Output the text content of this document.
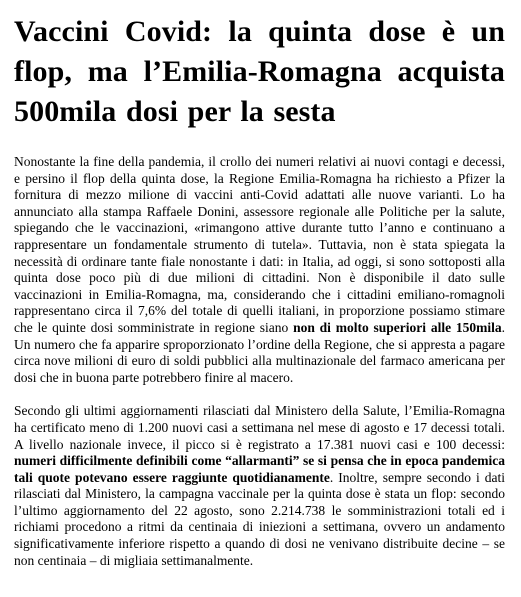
Vaccini Covid: la quinta dose è un flop, ma l’Emilia-Romagna acquista 500mila dosi per la sesta

Nonostante la fine della pandemia, il crollo dei numeri relativi ai nuovi contagi e decessi, e persino il flop della quinta dose, la Regione Emilia-Romagna ha richiesto a Pfizer la fornitura di mezzo milione di vaccini anti-Covid adattati alle nuove varianti. Lo ha annunciato alla stampa Raffaele Donini, assessore regionale alle Politiche per la salute, spiegando che le vaccinazioni, «rimangono attive durante tutto l’anno e continuano a rappresentare un fondamentale strumento di tutela». Tuttavia, non è stata spiegata la necessità di ordinare tante fiale nonostante i dati: in Italia, ad oggi, si sono sottoposti alla quinta dose poco più di due milioni di cittadini. Non è disponibile il dato sulle vaccinazioni in Emilia-Romagna, ma, considerando che i cittadini emiliano-romagnoli rappresentano circa il 7,6% del totale di quelli italiani, in proporzione possiamo stimare che le quinte dosi somministrate in regione siano non di molto superiori alle 150mila. Un numero che fa apparire sproporzionato l’ordine della Regione, che si appresta a pagare circa nove milioni di euro di soldi pubblici alla multinazionale del farmaco americana per dosi che in buona parte potrebbero finire al macero.

Secondo gli ultimi aggiornamenti rilasciati dal Ministero della Salute, l’Emilia-Romagna ha certificato meno di 1.200 nuovi casi a settimana nel mese di agosto e 17 decessi totali. A livello nazionale invece, il picco si è registrato a 17.381 nuovi casi e 100 decessi: numeri difficilmente definibili come “allarmanti” se si pensa che in epoca pandemica tali quote potevano essere raggiunte quotidianamente. Inoltre, sempre secondo i dati rilasciati dal Ministero, la campagna vaccinale per la quinta dose è stata un flop: secondo l’ultimo aggiornamento del 22 agosto, sono 2.214.738 le somministrazioni totali ed i richiami procedono a ritmi da centinaia di iniezioni a settimana, ovvero un andamento significativamente inferiore rispetto a quando di dosi ne venivano distribuite decine – se non centinaia – di migliaia settimanalmente.
